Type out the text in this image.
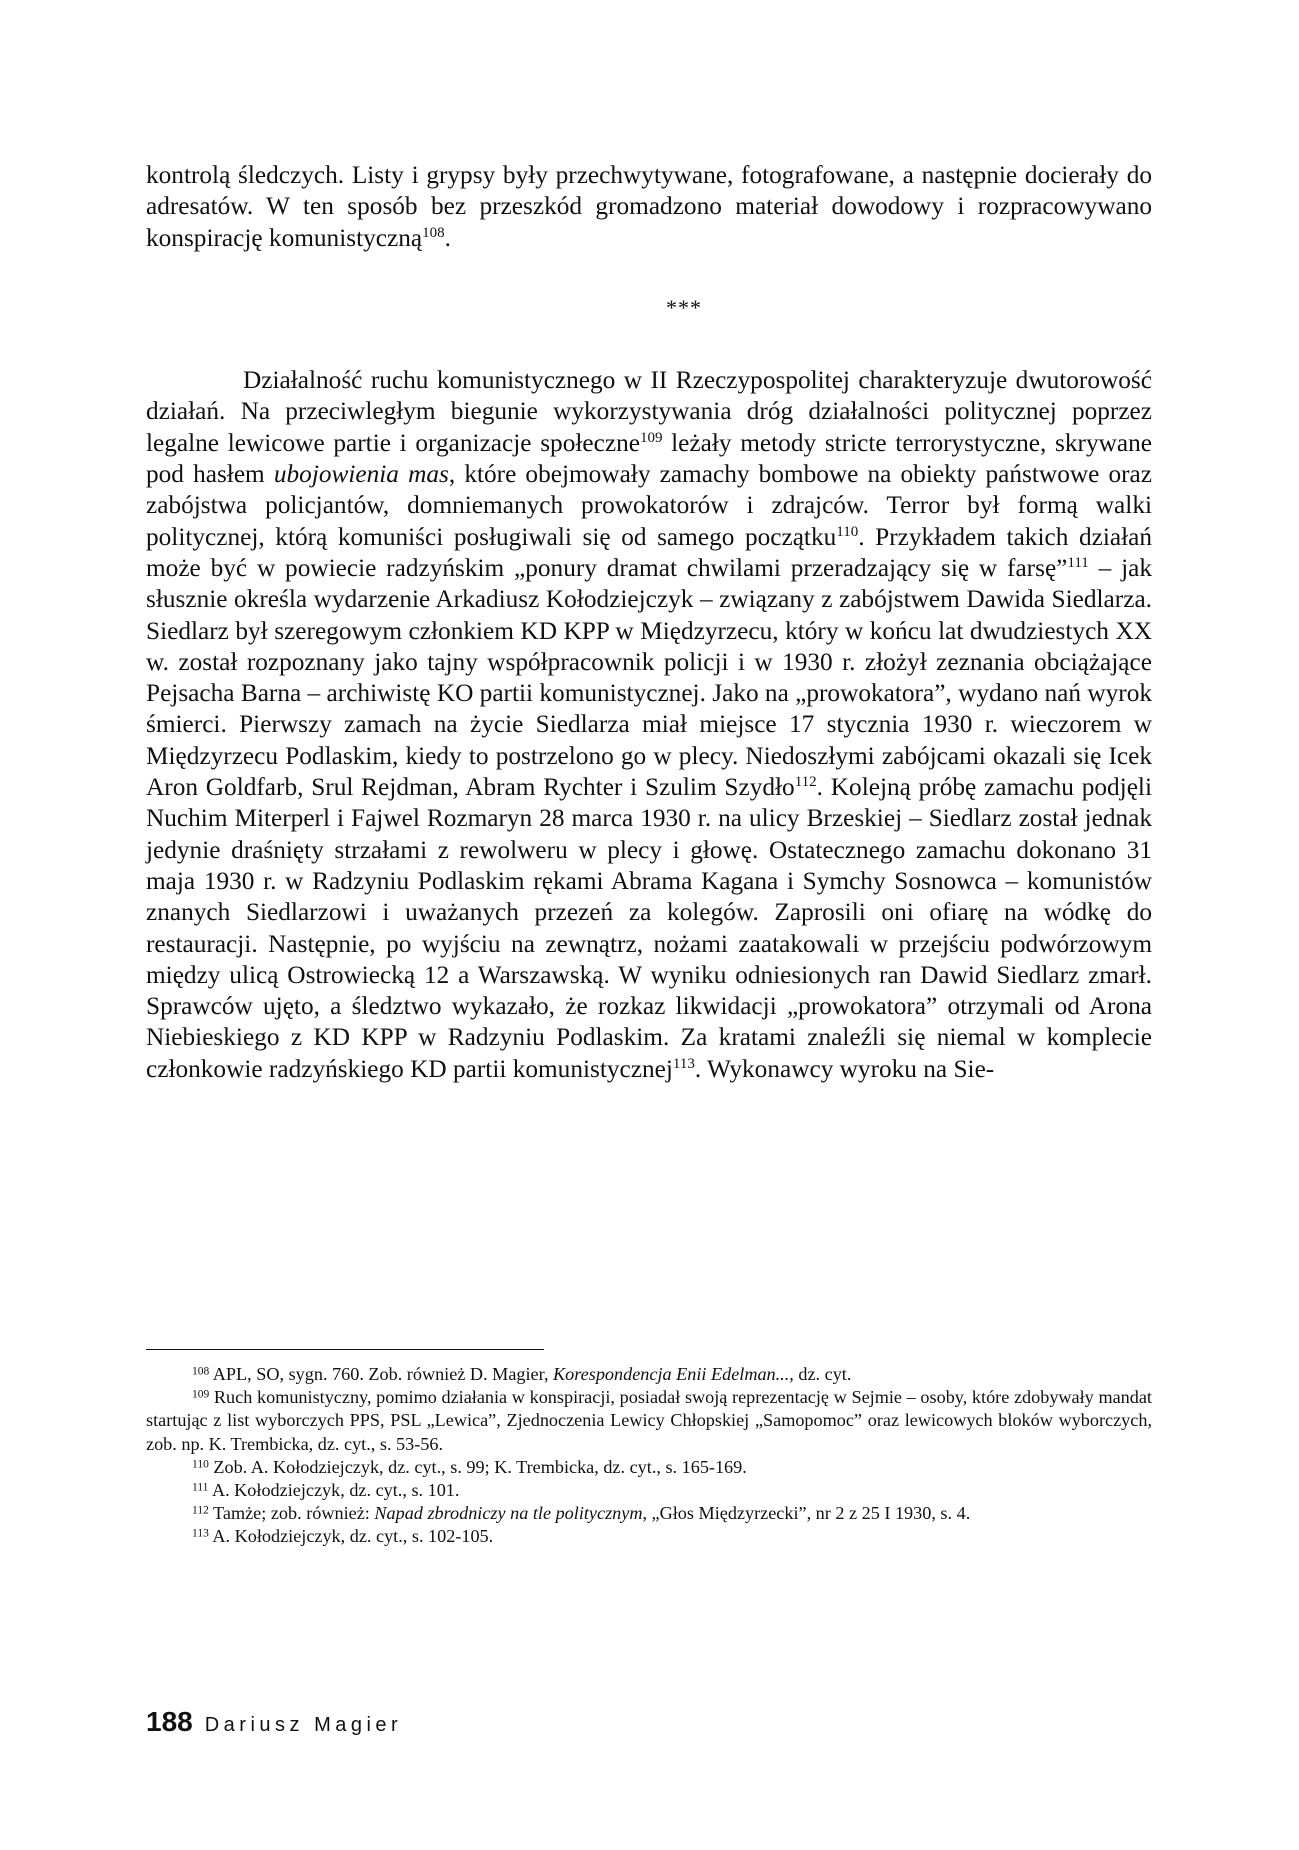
kontrolą śledczych. Listy i grypsy były przechwytywane, fotografowane, a następnie docierały do adresatów. W ten sposób bez przeszkód gromadzono materiał dowodowy i rozpracowywano konspirację komunistyczną$^{108}$.

***

Działalność ruchu komunistycznego w II Rzeczypospolitej charakteryzuje dwutorowość działań. Na przeciwległym biegunie wykorzystywania dróg działalności politycznej poprzez legalne lewicowe partie i organizacje społeczne$^{109}$ leżały metody stricte terrorystyczne, skrywane pod hasłem ubojowienia mas, które obejmowały zamachy bombowe na obiekty państwowe oraz zabójstwa policjantów, domniemanych prowokatorów i zdrajców. Terror był formą walki politycznej, którą komuniści posługiwali się od samego początku$^{110}$. Przykładem takich działań może być w powiecie radzyńskim „ponury dramat chwilami przeradzający się w farsę”$^{111}$ – jak słusznie określa wydarzenie Arkadiusz Kołodziejczyk – związany z zabójstwem Dawida Siedlarza. Siedlarz był szeregowym członkiem KD KPP w Międzyrzecu, który w końcu lat dwudziestych XX w. został rozpoznany jako tajny współpracownik policji i w 1930 r. złożył zeznania obciążające Pejsacha Barna – archiwistę KO partii komunistycznej. Jako na „prowokatora”, wydano nań wyrok śmierci. Pierwszy zamach na życie Siedlarza miał miejsce 17 stycznia 1930 r. wieczorem w Międzyrzecu Podlaskim, kiedy to postrzelono go w plecy. Niedoszłymi zabójcami okazali się Icek Aron Goldfarb, Srul Rejdman, Abram Rychter i Szulim Szydło$^{112}$. Kolejną próbę zamachu podjęli Nuchim Miterperl i Fajwel Rozmaryn 28 marca 1930 r. na ulicy Brzeskiej – Siedlarz został jednak jedynie draśnięty strzałami z rewolweru w plecy i głowę. Ostatecznego zamachu dokonano 31 maja 1930 r. w Radzyniu Podlaskim rękami Abrama Kagana i Symchy Sosnowca – komunistów znanych Siedlarzowi i uważanych przezeń za kolegów. Zaprosili oni ofiarę na wódkę do restauracji. Następnie, po wyjściu na zewnątrz, nożami zaatakowali w przejściu podwórzowym między ulicą Ostrowiecką 12 a Warszawską. W wyniku odniesionych ran Dawid Siedlarz zmarł. Sprawców ujęto, a śledztwo wykazało, że rozkaz likwidacji „prowokatora” otrzymali od Arona Niebieskiego z KD KPP w Radzyniu Podlaskim. Za kratami znaleźli się niemal w komplecie członkowie radzyńskiego KD partii komunistycznej$^{113}$. Wykonawcy wyroku na Sie-

$^{108}$ APL, SO, sygn. 760. Zob. również D. Magier, Korespondencja Enii Edelman..., dz. cyt.

$^{109}$ Ruch komunistyczny, pomimo działania w konspiracji, posiadał swoją reprezentację w Sejmie – osoby, które zdobywały mandat startując z list wyborczych PPS, PSL „Lewica”, Zjednoczenia Lewicy Chłopskiej „Samopomoc” oraz lewicowych bloków wyborczych, zob. np. K. Trembicka, dz. cyt., s. 53-56.

$^{110}$ Zob. A. Kołodziejczyk, dz. cyt., s. 99; K. Trembicka, dz. cyt., s. 165-169.

$^{111}$ A. Kołodziejczyk, dz. cyt., s. 101.

$^{112}$ Tamże; zob. również: Napad zbrodniczy na tle politycznym, „Głos Międzyrzecki”, nr 2 z 25 I 1930, s. 4.

$^{113}$ A. Kołodziejczyk, dz. cyt., s. 102-105.

188 Dariusz Magier
